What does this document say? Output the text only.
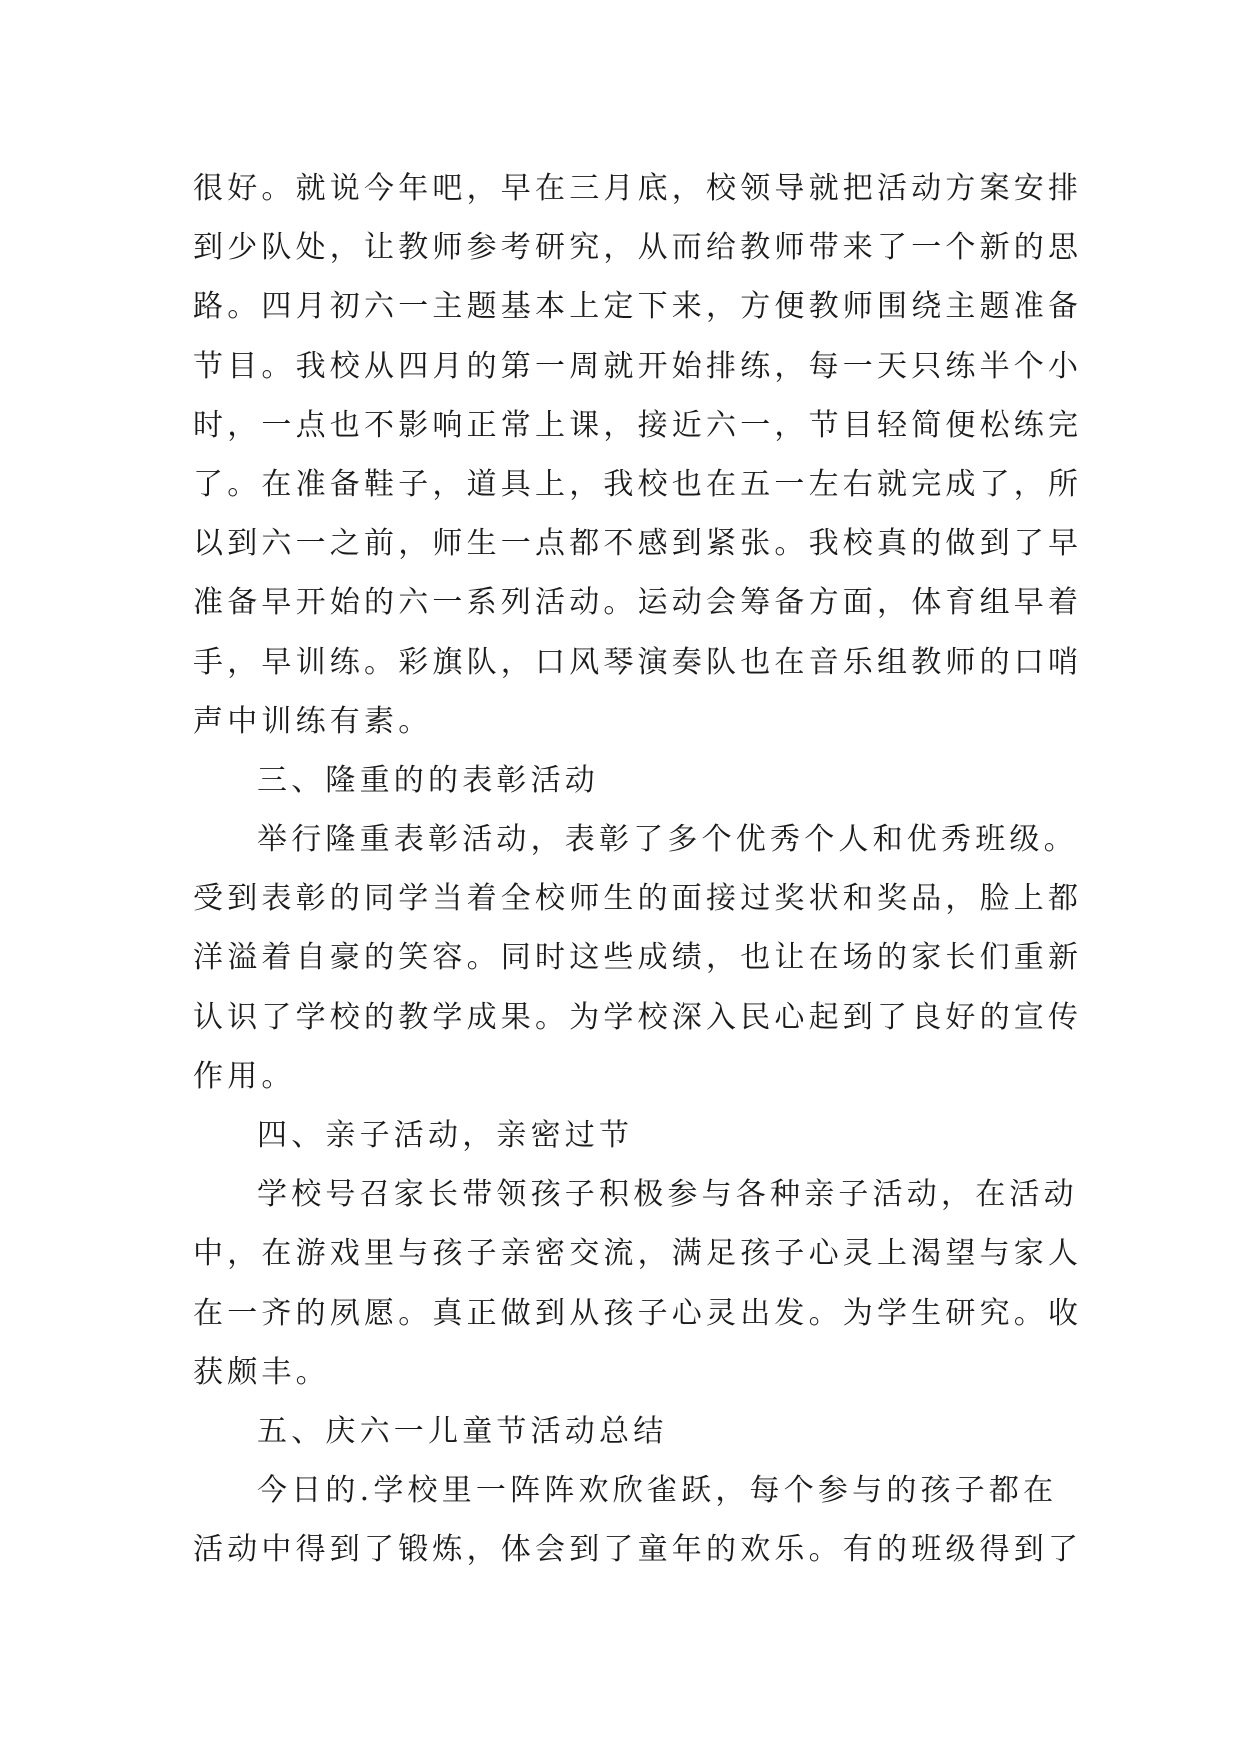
很好。就说今年吧，早在三月底，校领导就把活动方案安排
到少队处，让教师参考研究，从而给教师带来了一个新的思
路。四月初六一主题基本上定下来，方便教师围绕主题准备
节目。我校从四月的第一周就开始排练，每一天只练半个小
时，一点也不影响正常上课，接近六一，节目轻简便松练完
了。在准备鞋子，道具上，我校也在五一左右就完成了，所
以到六一之前，师生一点都不感到紧张。我校真的做到了早
准备早开始的六一系列活动。运动会筹备方面，体育组早着
手，早训练。彩旗队，口风琴演奏队也在音乐组教师的口哨
声中训练有素。
三、隆重的的表彰活动
举行隆重表彰活动，表彰了多个优秀个人和优秀班级。
受到表彰的同学当着全校师生的面接过奖状和奖品，脸上都
洋溢着自豪的笑容。同时这些成绩，也让在场的家长们重新
认识了学校的教学成果。为学校深入民心起到了良好的宣传
作用。
四、亲子活动，亲密过节
学校号召家长带领孩子积极参与各种亲子活动，在活动
中，在游戏里与孩子亲密交流，满足孩子心灵上渴望与家人
在一齐的夙愿。真正做到从孩子心灵出发。为学生研究。收
获颇丰。
五、庆六一儿童节活动总结
今日的.学校里一阵阵欢欣雀跃，每个参与的孩子都在
活动中得到了锻炼，体会到了童年的欢乐。有的班级得到了
